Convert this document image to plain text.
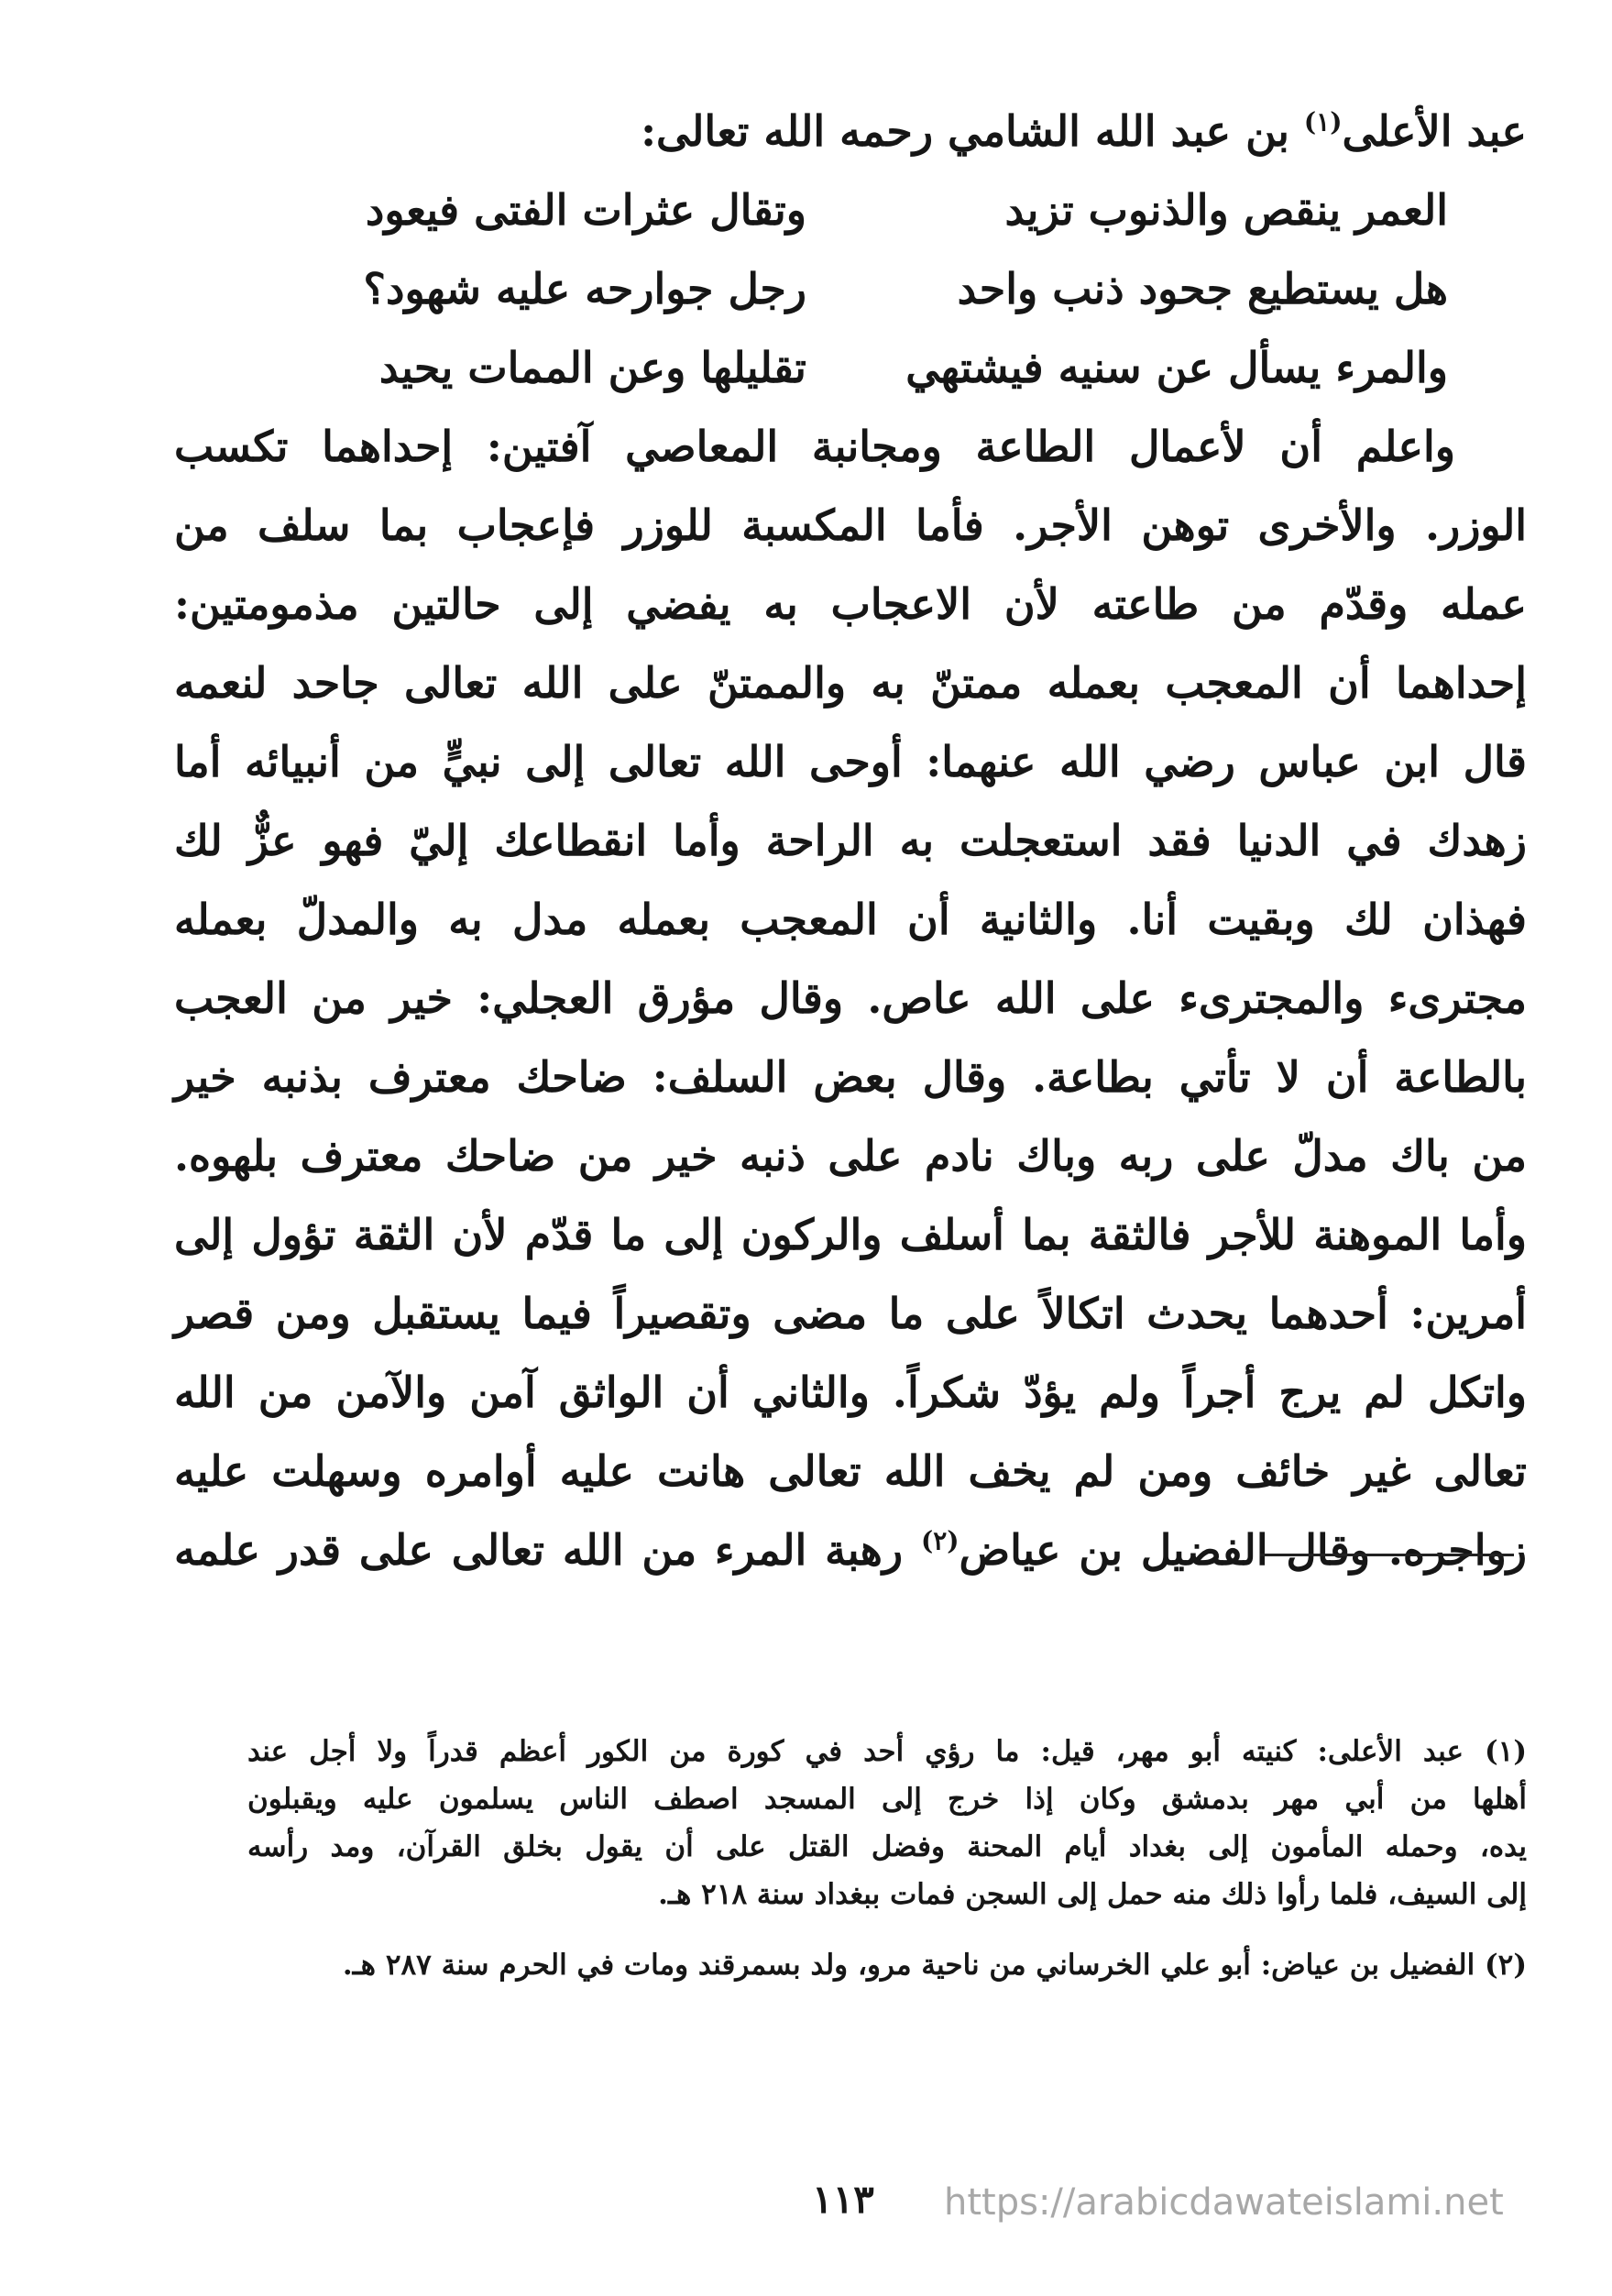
عبد الأعلى$^{(١)}$ بن عبد الله الشامي رحمه الله تعالى:
واعلم أن لأعمال الطاعة ومجانبة المعاصي آفتين: إحداهما تكسب
الوزر. والأخرى توهن الأجر. فأما المكسبة للوزر فإعجاب بما سلف من
عمله وقدّم من طاعته لأن الاعجاب به يفضي إلى حالتين مذمومتين:
إحداهما أن المعجب بعمله ممتنّ به والممتنّ على الله تعالى جاحد لنعمه
قال ابن عباس رضي الله عنهما: أوحى الله تعالى إلى نبيٍّ من أنبيائه أما
زهدك في الدنيا فقد استعجلت به الراحة وأما انقطاعك إليّ فهو عزٌّ لك
فهذان لك وبقيت أنا. والثانية أن المعجب بعمله مدل به والمدلّ بعمله
مجترىء والمجترىء على الله عاص. وقال مؤرق العجلي: خير من العجب
بالطاعة أن لا تأتي بطاعة. وقال بعض السلف: ضاحك معترف بذنبه خير
من باك مدلّ على ربه وباك نادم على ذنبه خير من ضاحك معترف بلهوه.
وأما الموهنة للأجر فالثقة بما أسلف والركون إلى ما قدّم لأن الثقة تؤول إلى
أمرين: أحدهما يحدث اتكالاً على ما مضى وتقصيراً فيما يستقبل ومن قصر
واتكل لم يرج أجراً ولم يؤدّ شكراً. والثاني أن الواثق آمن والآمن من الله
تعالى غير خائف ومن لم يخف الله تعالى هانت عليه أوامره وسهلت عليه
زواجره. وقال الفضيل بن عياض$^{(٢)}$ رهبة المرء من الله تعالى على قدر علمه
العمر ينقص والذنوب تزيد
وتقال عثرات الفتى فيعود
هل يستطيع جحود ذنب واحد
رجل جوارحه عليه شهود؟
والمرء يسأل عن سنيه فيشتهي
تقليلها وعن الممات يحيد
(١) عبد الأعلى: كنيته أبو مهر، قيل: ما رؤي أحد في كورة من الكور أعظم قدراً ولا أجل عند
أهلها من أبي مهر بدمشق وكان إذا خرج إلى المسجد اصطف الناس يسلمون عليه ويقبلون
يده، وحمله المأمون إلى بغداد أيام المحنة وفضل القتل على أن يقول بخلق القرآن، ومد رأسه
إلى السيف، فلما رأوا ذلك منه حمل إلى السجن فمات ببغداد سنة ٢١٨ هـ.
(٢) الفضيل بن عياض: أبو علي الخرساني من ناحية مرو، ولد بسمرقند ومات في الحرم سنة ٢٨٧ هـ.
١١٣	https://arabicdawateislami.net
